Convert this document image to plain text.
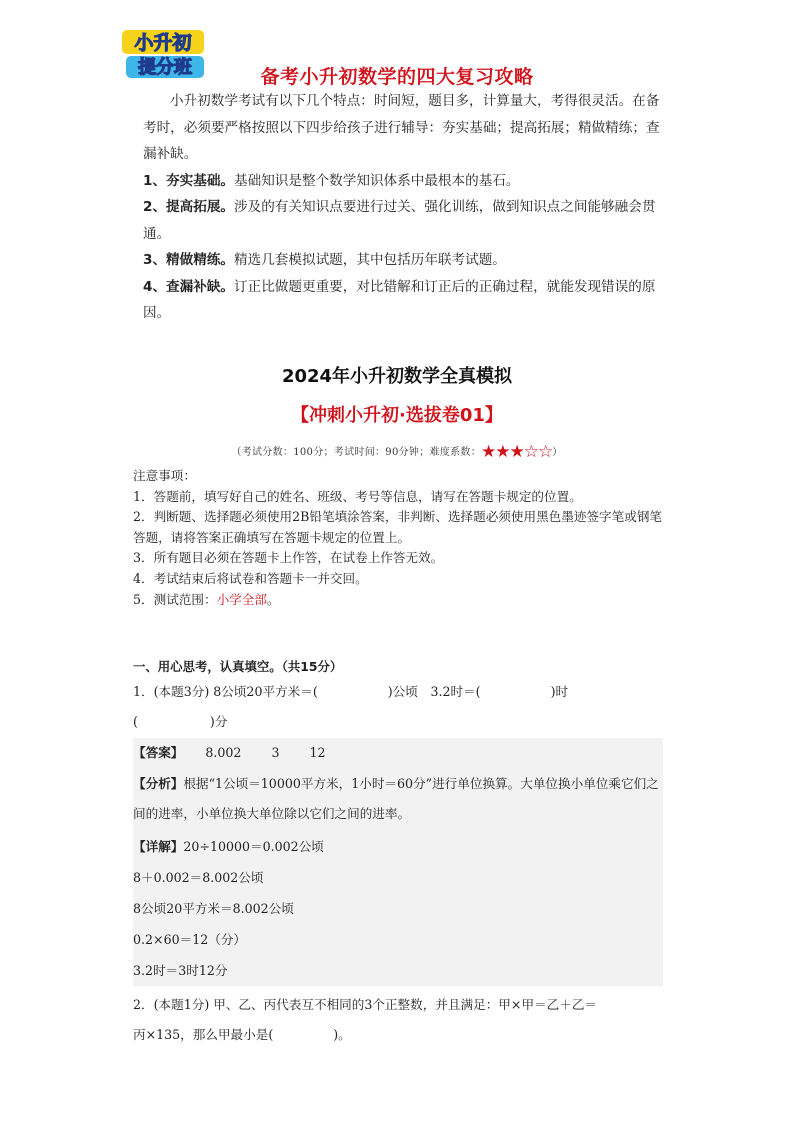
小升初
提分班	备考小升初数学的四大复习攻略
小升初数学考试有以下几个特点：时间短，题目多，计算量大，考得很灵活。在备考时，必须要严格按照以下四步给孩子进行辅导：夯实基础；提高拓展；精做精练；查漏补缺。
1、夯实基础。基础知识是整个数学知识体系中最根本的基石。
2、提高拓展。涉及的有关知识点要进行过关、强化训练，做到知识点之间能够融会贯通。
3、精做精练。精选几套模拟试题，其中包括历年联考试题。
4、查漏补缺。订正比做题更重要，对比错解和订正后的正确过程，就能发现错误的原因。
2024年小升初数学全真模拟
【冲刺小升初·选拔卷01】
（考试分数：100分；考试时间：90分钟；难度系数：★★★☆☆）
注意事项：
1．答题前，填写好自己的姓名、班级、考号等信息，请写在答题卡规定的位置。
2．判断题、选择题必须使用2B铅笔填涂答案，非判断、选择题必须使用黑色墨迹签字笔或钢笔答题，请将答案正确填写在答题卡规定的位置上。
3．所有题目必须在答题卡上作答，在试卷上作答无效。
4．考试结束后将试卷和答题卡一并交回。
5．测试范围：小学全部。
一、用心思考，认真填空。（共15分）
1．(本题3分) 8公顷20平方米＝(	)公顷　3.2时＝(	)时
(	)分
【答案】 8.002 3 12
【分析】根据“1公顷＝10000平方米，1小时＝60分”进行单位换算。大单位换小单位乘它们之间的进率，小单位换大单位除以它们之间的进率。
【详解】20÷10000＝0.002公顷
8＋0.002＝8.002公顷
8公顷20平方米＝8.002公顷
0.2×60＝12（分）
3.2时＝3时12分
2．(本题1分) 甲、乙、丙代表互不相同的3个正整数，并且满足：甲×甲＝乙＋乙＝
丙×135，那么甲最小是(	)。
